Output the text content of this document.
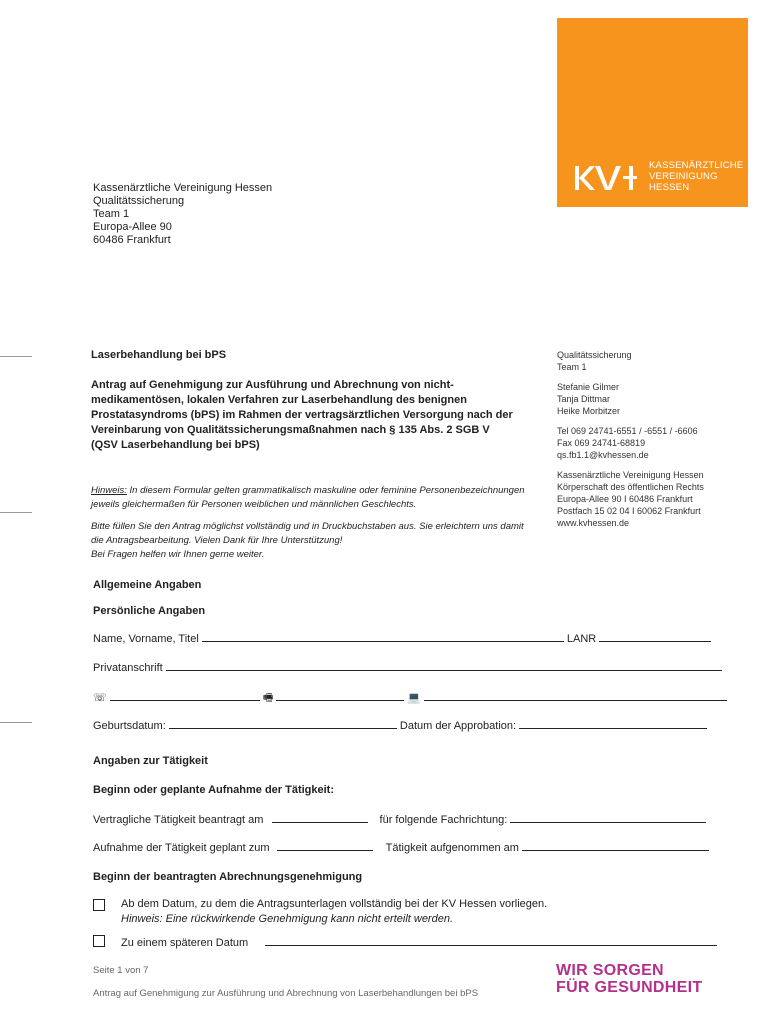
KASSENÄRZTLICHE
VEREINIGUNG
HESSEN
Kassenärztliche Vereinigung Hessen
Qualitätssicherung
Team 1
Europa-Allee 90
60486 Frankfurt
Laserbehandlung bei bPS
Antrag auf Genehmigung zur Ausführung und Abrechnung von nicht-medikamentösen, lokalen Verfahren zur Laserbehandlung des benignen Prostatasyndroms (bPS) im Rahmen der vertragsärztlichen Versorgung nach der Vereinbarung von Qualitätssicherungsmaßnahmen nach § 135 Abs. 2 SGB V (QSV Laserbehandlung bei bPS)
Hinweis: In diesem Formular gelten grammatikalisch maskuline oder feminine Personenbezeichnungen jeweils gleichermaßen für Personen weiblichen und männlichen Geschlechts.
Bitte füllen Sie den Antrag möglichst vollständig und in Druckbuchstaben aus. Sie erleichtern uns damit die Antragsbearbeitung. Vielen Dank für Ihre Unterstützung!
Bei Fragen helfen wir Ihnen gerne weiter.
Qualitätssicherung
Team 1
Stefanie Gilmer
Tanja Dittmar
Heike Morbitzer
Tel 069 24741-6551 / -6551 / -6606
Fax 069 24741-68819
qs.fb1.1@kvhessen.de
Kassenärztliche Vereinigung Hessen
Körperschaft des öffentlichen Rechts
Europa-Allee 90 I 60486 Frankfurt
Postfach 15 02 04 I 60062 Frankfurt
www.kvhessen.de
Allgemeine Angaben
Persönliche Angaben
Name, Vorname, Titel	LANR
Privatanschrift
☏	🖷	💻
Geburtsdatum:	Datum der Approbation:
Angaben zur Tätigkeit
Beginn oder geplante Aufnahme der Tätigkeit:
Vertragliche Tätigkeit beantragt am	für folgende Fachrichtung:
Aufnahme der Tätigkeit geplant zum	Tätigkeit aufgenommen am
Beginn der beantragten Abrechnungsgenehmigung
Ab dem Datum, zu dem die Antragsunterlagen vollständig bei der KV Hessen vorliegen.
Hinweis: Eine rückwirkende Genehmigung kann nicht erteilt werden.
Zu einem späteren Datum
Seite 1 von 7
Antrag auf Genehmigung zur Ausführung und Abrechnung von Laserbehandlungen bei bPS
WIR SORGEN
FÜR GESUNDHEIT
